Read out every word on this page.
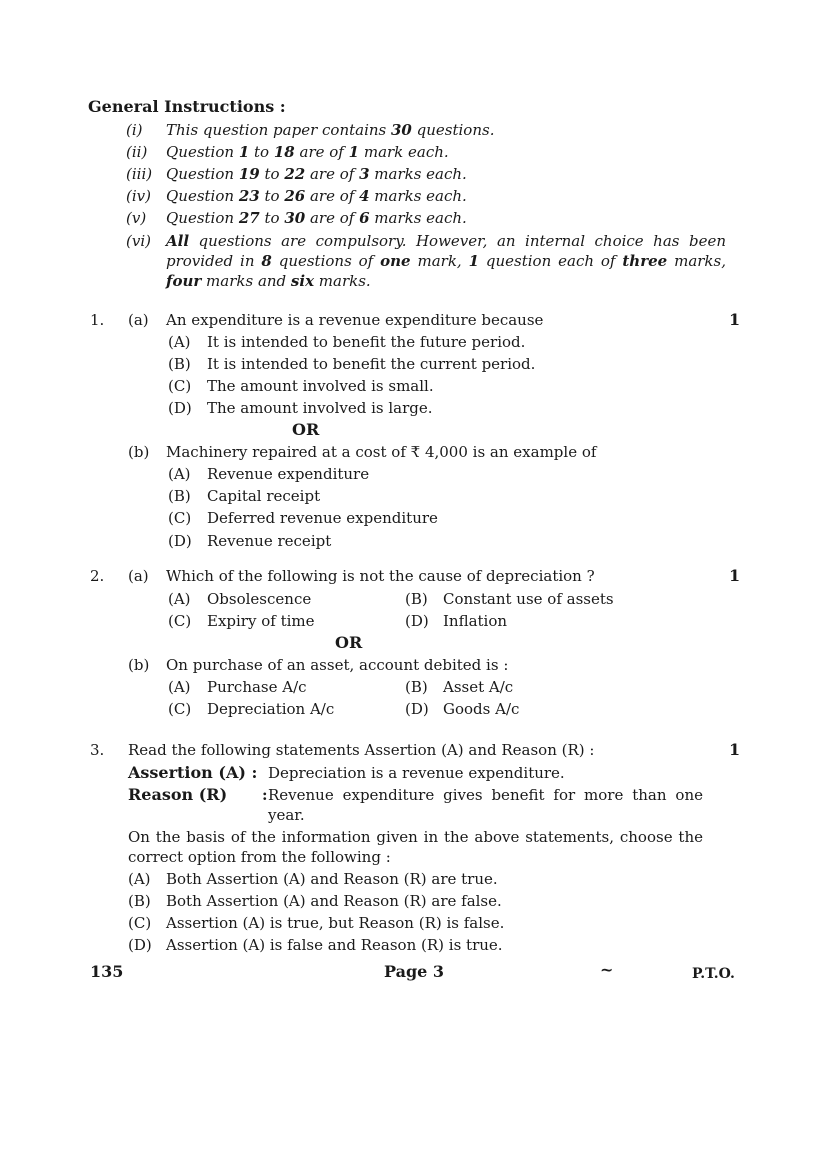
General Instructions :
(i) This question paper contains 30 questions.
(ii) Question 1 to 18 are of 1 mark each.
(iii) Question 19 to 22 are of 3 marks each.
(iv) Question 23 to 26 are of 4 marks each.
(v) Question 27 to 30 are of 6 marks each.
(vi) All questions are compulsory. However, an internal choice has been
provided in 8 questions of one mark, 1 question each of three marks,
four marks and six marks.
1. (a) An expenditure is a revenue expenditure because	1
(A) It is intended to benefit the future period.
(B) It is intended to benefit the current period.
(C) The amount involved is small.
(D) The amount involved is large.
OR
(b) Machinery repaired at a cost of ₹ 4,000 is an example of
(A) Revenue expenditure
(B) Capital receipt
(C) Deferred revenue expenditure
(D) Revenue receipt
2. (a) Which of the following is not the cause of depreciation ?	1
(A) Obsolescence	(B) Constant use of assets
(C) Expiry of time	(D) Inflation
OR
(b) On purchase of an asset, account debited is :
(A) Purchase A/c	(B) Asset A/c
(C) Depreciation A/c	(D) Goods A/c
3. Read the following statements Assertion (A) and Reason (R) :	1
Assertion (A) : Depreciation is a revenue expenditure.
Reason (R) : Revenue expenditure gives benefit for more than one
year.
On the basis of the information given in the above statements, choose the
correct option from the following :
(A) Both Assertion (A) and Reason (R) are true.
(B) Both Assertion (A) and Reason (R) are false.
(C) Assertion (A) is true, but Reason (R) is false.
(D) Assertion (A) is false and Reason (R) is true.
135	Page 3	~	P.T.O.
